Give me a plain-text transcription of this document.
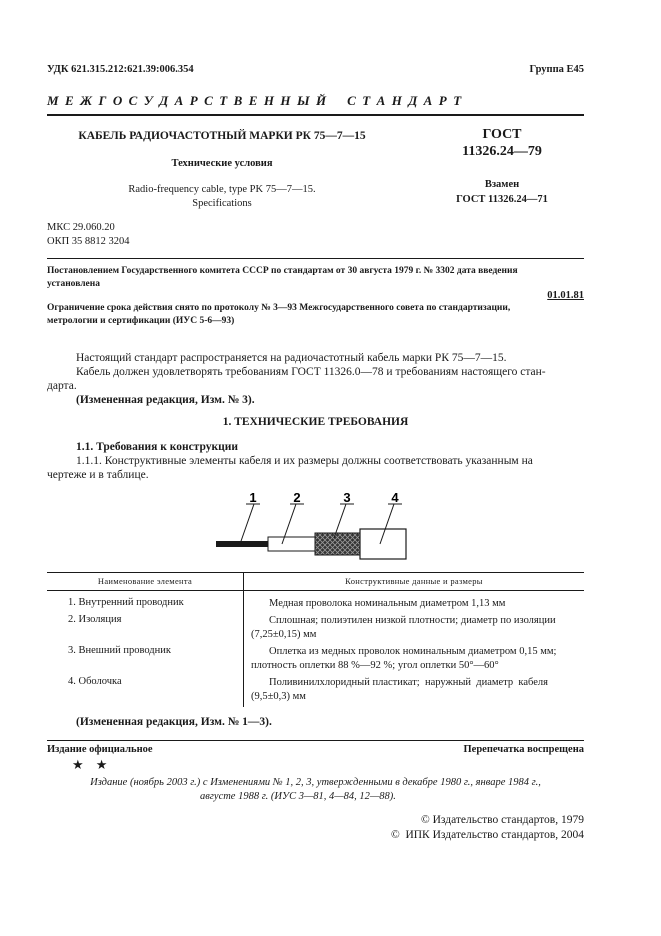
УДК 621.315.212:621.39:006.354	Группа Е45
М Е Ж Г О С У Д А Р С Т В Е Н Н Ы Й    С Т А Н Д А Р Т
КАБЕЛЬ РАДИОЧАСТОТНЫЙ МАРКИ РК 75—7—15
Технические условия
Radio-frequency cable, type PK 75—7—15.
Specifications
ГОСТ
11326.24—79
Взамен
ГОСТ 11326.24—71
МКС 29.060.20
ОКП 35 8812 3204
Постановлением Государственного комитета СССР по стандартам от 30 августа 1979 г. № 3302 дата введения
установлена
01.01.81
Ограничение срока действия снято по протоколу № 3—93 Межгосударственного совета по стандартизации,
метрологии и сертификации (ИУС 5-6—93)
Настоящий стандарт распространяется на радиочастотный кабель марки РК 75—7—15.
Кабель должен удовлетворять требованиям ГОСТ 11326.0—78 и требованиям настоящего стан-
дарта.
(Измененная редакция, Изм. № 3).
1. ТЕХНИЧЕСКИЕ ТРЕБОВАНИЯ
1.1. Требования к конструкции
1.1.1. Конструктивные элементы кабеля и их размеры должны соответствовать указанным на
чертеже и в таблице.
1	2	3	4
Наименование элемента	Конструктивные данные и размеры
1. Внутренний проводник	Медная проволока номинальным диаметром 1,13 мм
2. Изоляция	Сплошная; полиэтилен низкой плотности; диаметр по изоляции
(7,25±0,15) мм
3. Внешний проводник	Оплетка из медных проволок номинальным диаметром 0,15 мм;
плотность оплетки 88 %—92 %; угол оплетки 50°—60°
4. Оболочка	Поливинилхлоридный пластикат;  наружный  диаметр  кабеля
(9,5±0,3) мм
(Измененная редакция, Изм. № 1—3).
Издание официальное	Перепечатка воспрещена
★ ★
Издание (ноябрь 2003 г.) с Изменениями № 1, 2, 3, утвержденными в декабре 1980 г., январе 1984 г.,
августе 1988 г. (ИУС 3—81, 4—84, 12—88).
© Издательство стандартов, 1979
©  ИПК Издательство стандартов, 2004
